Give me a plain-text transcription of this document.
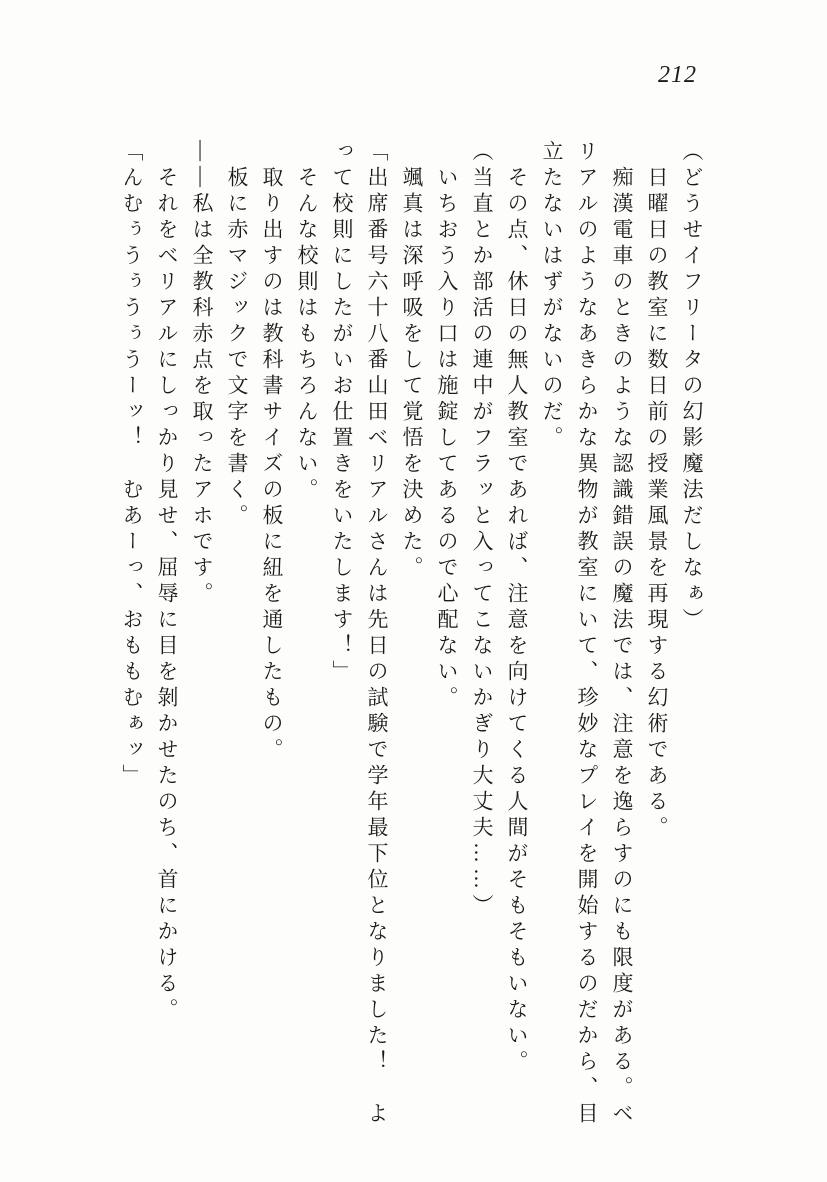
212

（どうせイフリータの幻影魔法だしなぁ）

日曜日の教室に数日前の授業風景を再現する幻術である。

痴漢電車のときのような認識錯誤の魔法では、注意を逸らすのにも限度がある。ベリアルのようなあきらかな異物が教室にいて、珍妙なプレイを開始するのだから、目立たないはずがないのだ。

その点、休日の無人教室であれば、注意を向けてくる人間がそもそもいない。

（当直とか部活の連中がフラッと入ってこないかぎり大丈夫……）

いちおう入り口は施錠してあるので心配ない。

颯真は深呼吸をして覚悟を決めた。

「出席番号六十八番山田ベリアルさんは先日の試験で学年最下位となりました！　よって校則にしたがいお仕置きをいたします！」

そんな校則はもちろんない。

取り出すのは教科書サイズの板に紐を通したもの。

板に赤マジックで文字を書く。

――私は全教科赤点を取ったアホです。

それをベリアルにしっかり見せ、屈辱に目を剝かせたのち、首にかける。

「んむぅうぅうぅうーッ！　むあーっ、おももむぁッ」
